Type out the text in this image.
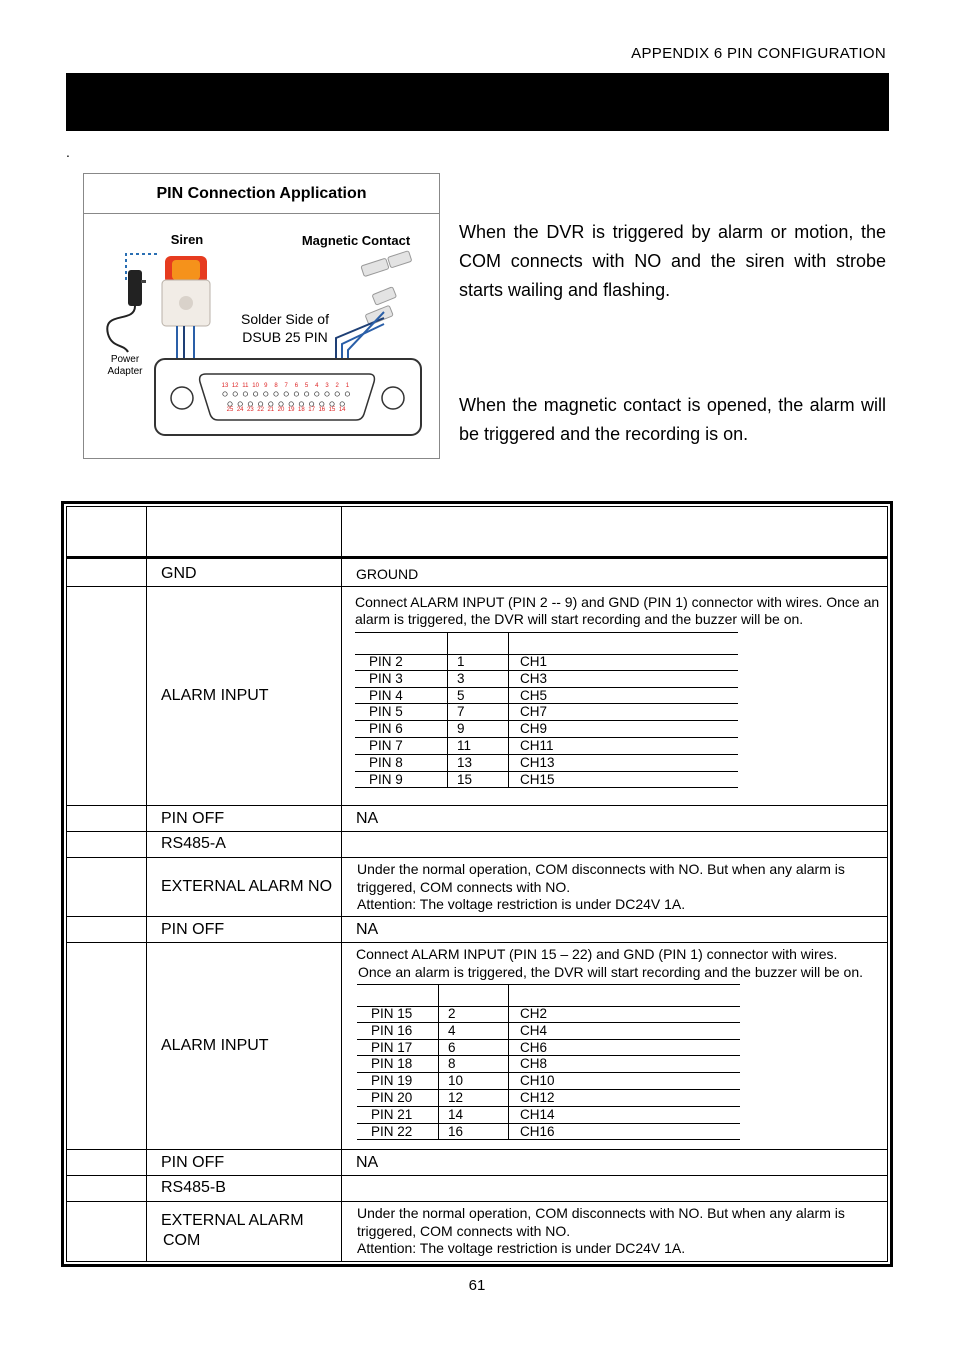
APPENDIX 6 PIN CONFIGURATION
.
PIN Connection Application
Siren	Magnetic Contact
Power
Adapter
Solder Side of
DSUB 25 PIN
13 12 11 10 9 8 7 6 5 4 3 2 1
25 24 23 22 21 20 19 18 17 16 15 14
When the DVR is triggered by alarm or motion, the COM connects with NO and the siren with strobe starts wailing and flashing.
When the magnetic contact is opened, the alarm will be triggered and the recording is on.
GND	GROUND
ALARM INPUT
Connect ALARM INPUT (PIN 2 -- 9) and GND (PIN 1) connector with wires. Once an alarm is triggered, the DVR will start recording and the buzzer will be on.
PIN 2	1	CH1
PIN 3	3	CH3
PIN 4	5	CH5
PIN 5	7	CH7
PIN 6	9	CH9
PIN 7	11	CH11
PIN 8	13	CH13
PIN 9	15	CH15
PIN OFF	NA
RS485-A
EXTERNAL ALARM NO
Under the normal operation, COM disconnects with NO. But when any alarm is
triggered, COM connects with NO.
Attention: The voltage restriction is under DC24V 1A.
PIN OFF	NA
ALARM INPUT
Connect ALARM INPUT (PIN 15 – 22) and GND (PIN 1) connector with wires.
Once an alarm is triggered, the DVR will start recording and the buzzer will be on.
PIN 15	2	CH2
PIN 16	4	CH4
PIN 17	6	CH6
PIN 18	8	CH8
PIN 19	10	CH10
PIN 20	12	CH12
PIN 21	14	CH14
PIN 22	16	CH16
PIN OFF	NA
RS485-B
EXTERNAL ALARM
COM
Under the normal operation, COM disconnects with NO. But when any alarm is
triggered, COM connects with NO.
Attention: The voltage restriction is under DC24V 1A.
61
